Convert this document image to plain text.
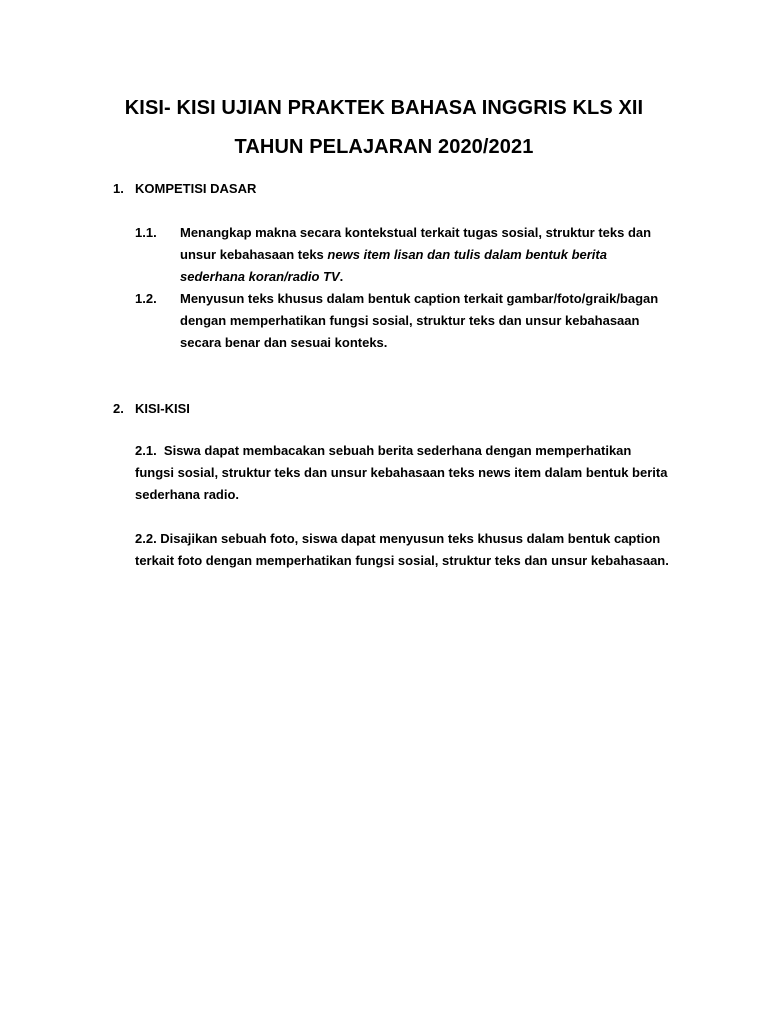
KISI- KISI UJIAN PRAKTEK BAHASA INGGRIS KLS XII
TAHUN PELAJARAN 2020/2021
1. KOMPETISI DASAR
1.1. Menangkap makna secara kontekstual terkait tugas sosial, struktur teks dan
unsur kebahasaan teks news item lisan dan tulis dalam bentuk berita
sederhana koran/radio TV.
1.2. Menyusun teks khusus dalam bentuk caption terkait gambar/foto/graik/bagan
dengan memperhatikan fungsi sosial, struktur teks dan unsur kebahasaan
secara benar dan sesuai konteks.
2. KISI-KISI
2.1.  Siswa dapat membacakan sebuah berita sederhana dengan memperhatikan
fungsi sosial, struktur teks dan unsur kebahasaan teks news item dalam bentuk berita
sederhana radio.
2.2. Disajikan sebuah foto, siswa dapat menyusun teks khusus dalam bentuk caption
terkait foto dengan memperhatikan fungsi sosial, struktur teks dan unsur kebahasaan.
